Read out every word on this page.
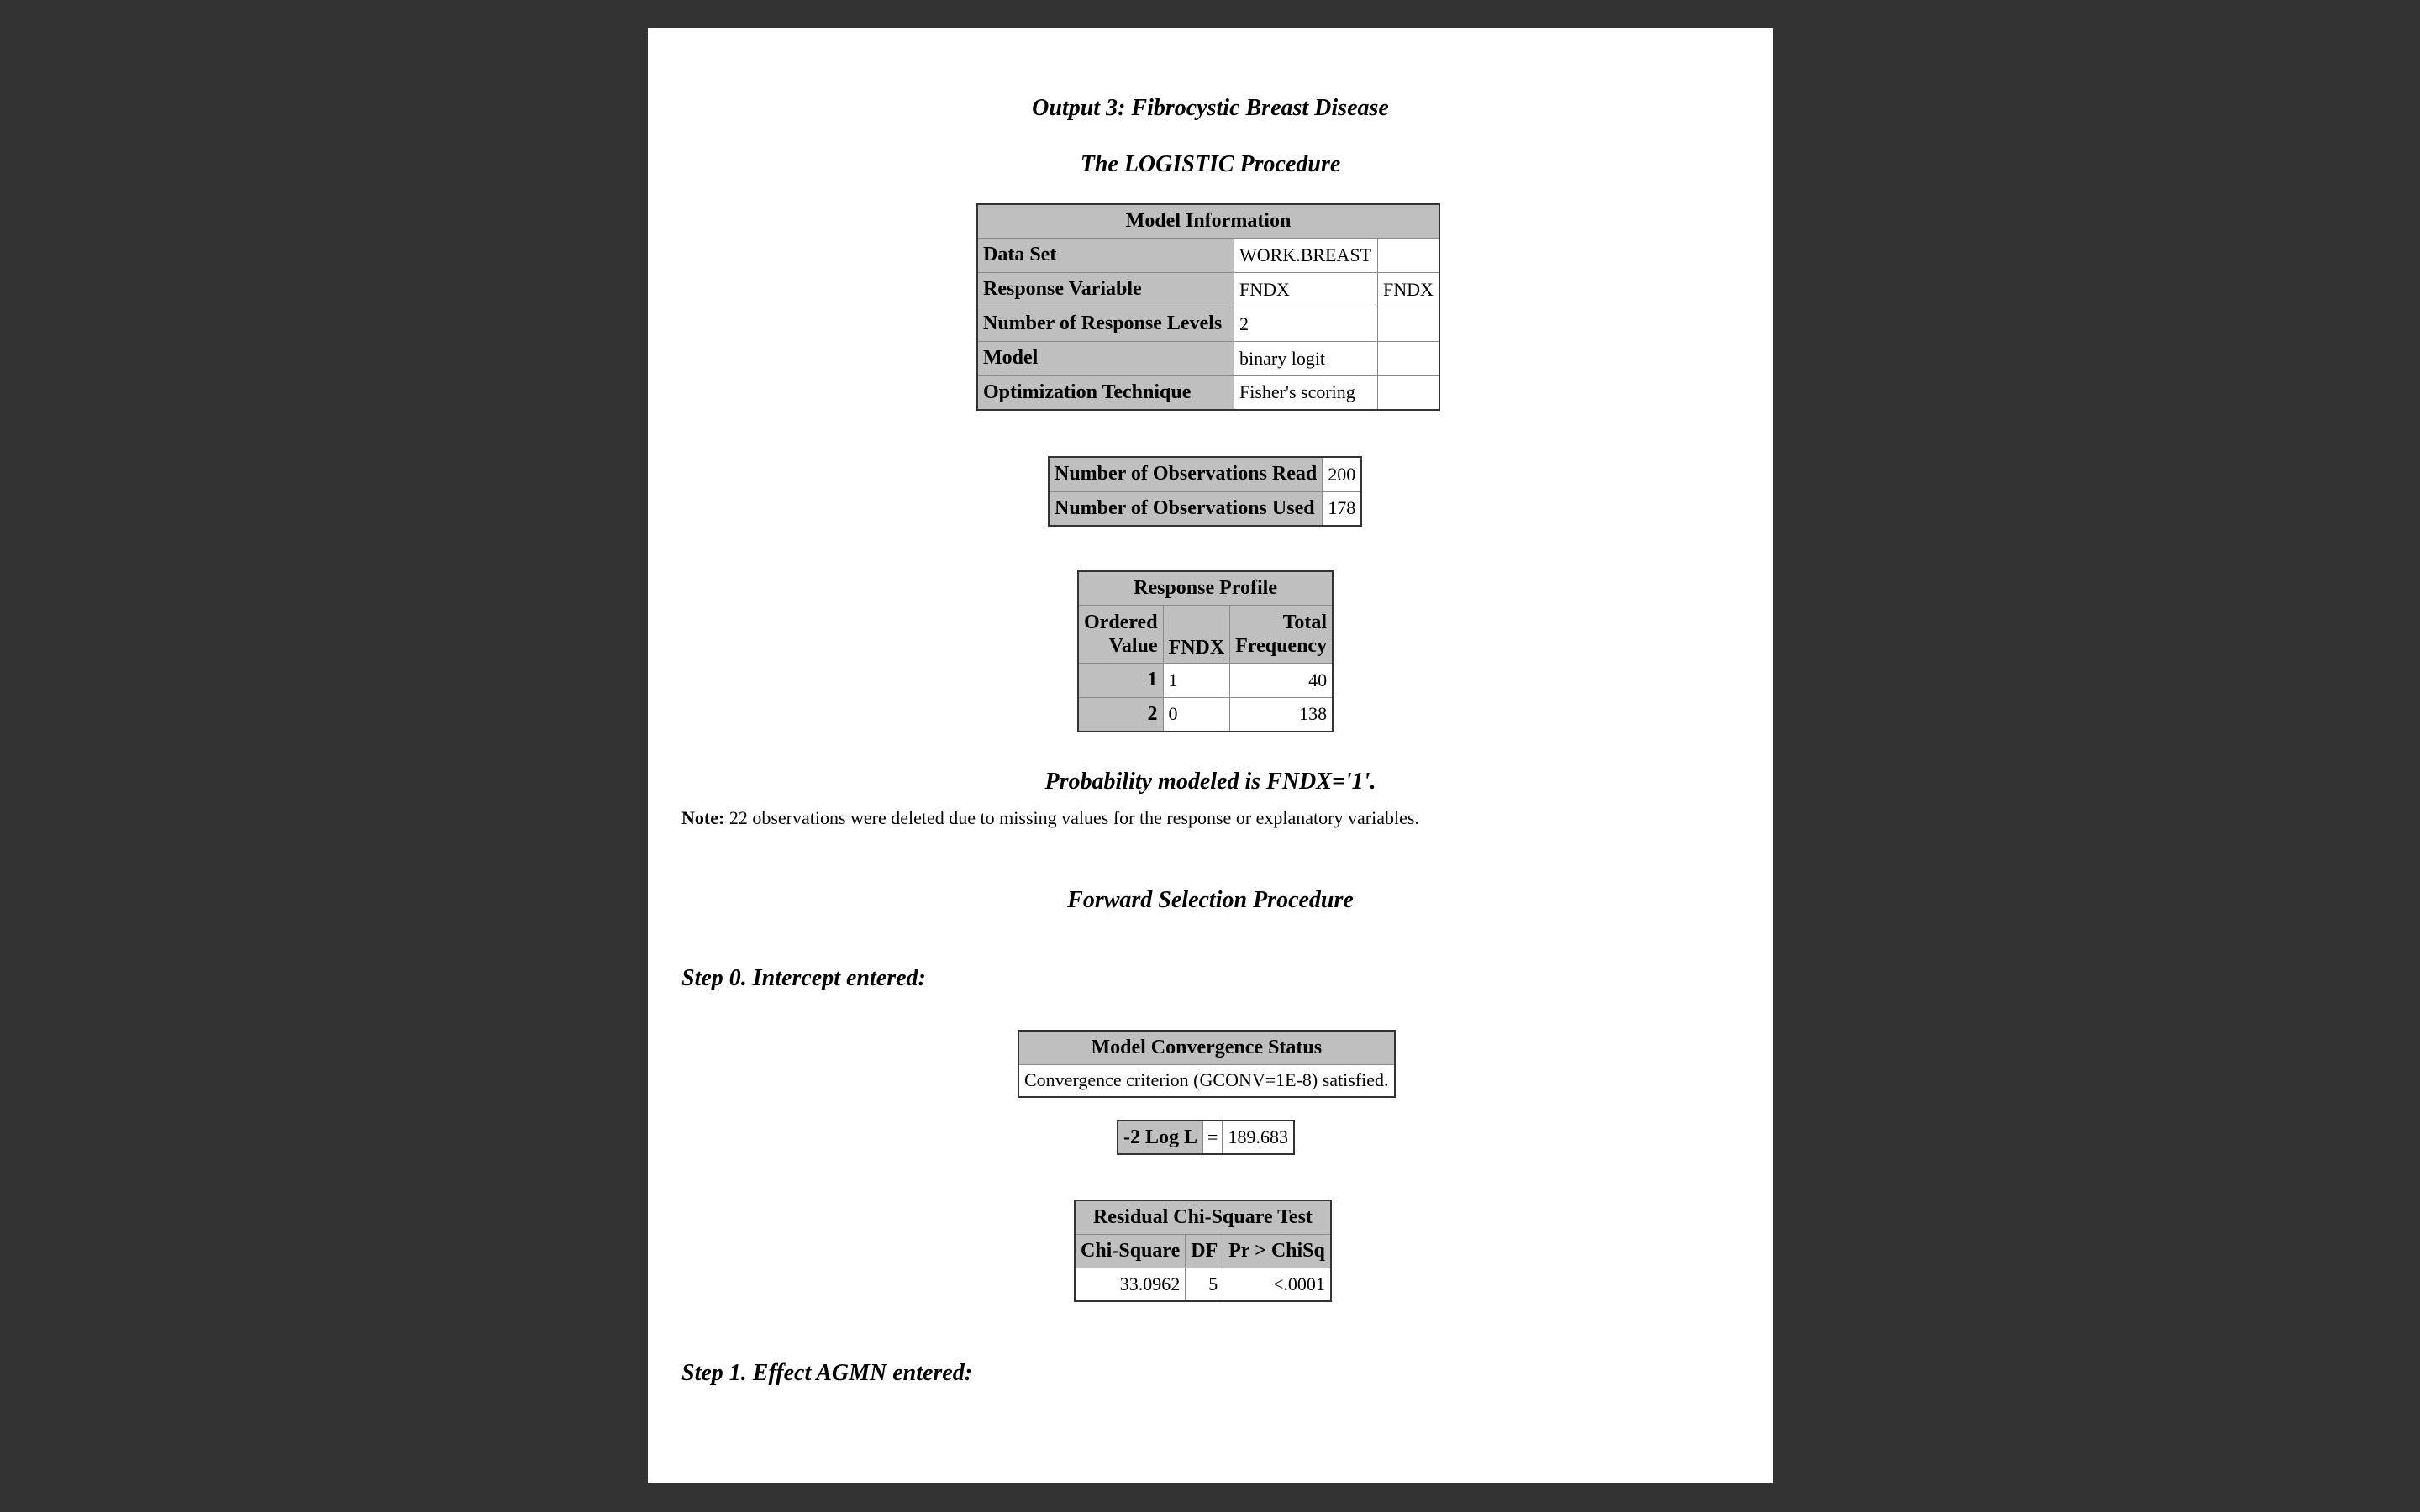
Output 3: Fibrocystic Breast Disease
The LOGISTIC Procedure
Model Information		
Data Set	WORK.BREAST	
Response Variable	FNDX	FNDX
Number of Response Levels	2	
Model	binary logit	
Optimization Technique	Fisher's scoring	
Number of Observations Read	200
Number of Observations Used	178
Response Profile		
Ordered
Value	FNDX	Total
Frequency
1	1	40
2	0	138
Probability modeled is FNDX='1'.
Note: 22 observations were deleted due to missing values for the response or explanatory variables.
Forward Selection Procedure
Step 0. Intercept entered:
Model Convergence Status
Convergence criterion (GCONV=1E-8) satisfied.
-2 Log L	=	189.683
Residual Chi-Square Test		
Chi-Square	DF	Pr > ChiSq
33.0962	5	<.0001
Step 1. Effect AGMN entered:
